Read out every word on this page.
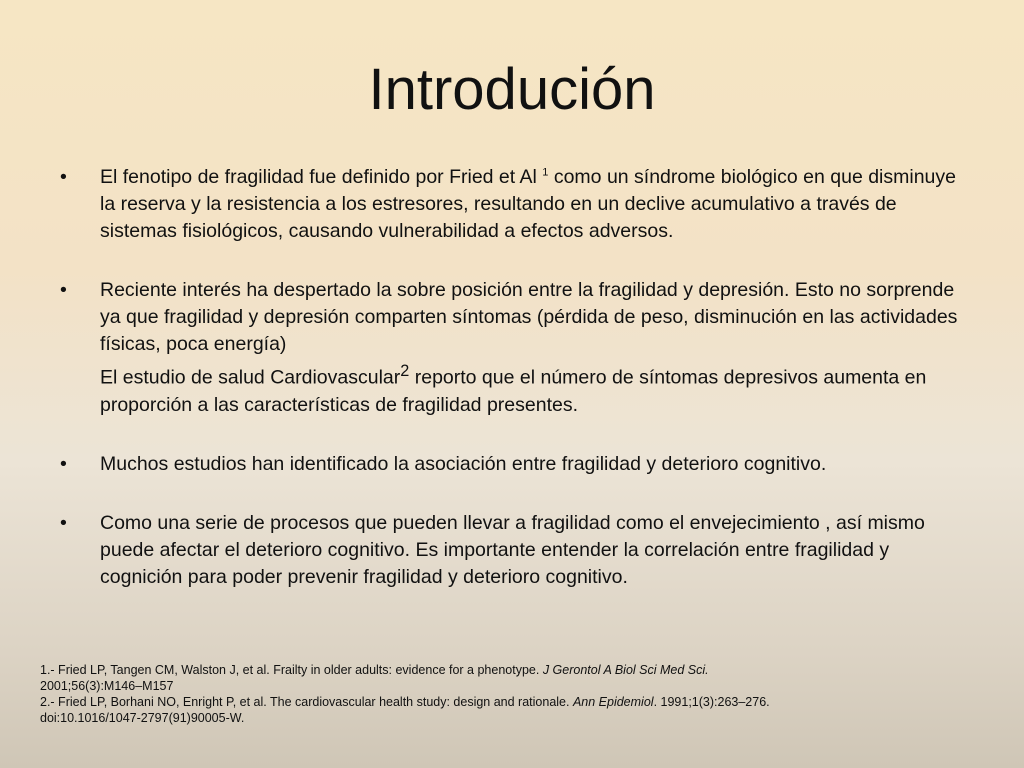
Introdución
•	El fenotipo de fragilidad fue definido por Fried et Al $^1$ como un síndrome biológico en que disminuye la reserva y la resistencia a los estresores, resultando en un declive acumulativo a través de sistemas fisiológicos, causando vulnerabilidad a efectos adversos.
•	Reciente interés ha despertado la sobre posición entre la fragilidad y depresión. Esto no sorprende ya que fragilidad y depresión comparten síntomas (pérdida de peso, disminución en las actividades físicas, poca energía)
El estudio de salud Cardiovascular$^2$ reporto que el número de síntomas depresivos aumenta en proporción a las características de fragilidad presentes.
•	Muchos estudios han identificado la asociación entre fragilidad y deterioro cognitivo.
•	Como una serie de procesos que pueden llevar a fragilidad como el envejecimiento , así mismo puede afectar el deterioro cognitivo. Es importante entender la correlación entre fragilidad y cognición para poder prevenir fragilidad y deterioro cognitivo.
1.- Fried LP, Tangen CM, Walston J, et al. Frailty in older adults: evidence for a phenotype. J Gerontol A Biol Sci Med Sci.
2001;56(3):M146–M157
2.- Fried LP, Borhani NO, Enright P, et al. The cardiovascular health study: design and rationale. Ann Epidemiol. 1991;1(3):263–276.
doi:10.1016/1047-2797(91)90005-W.
